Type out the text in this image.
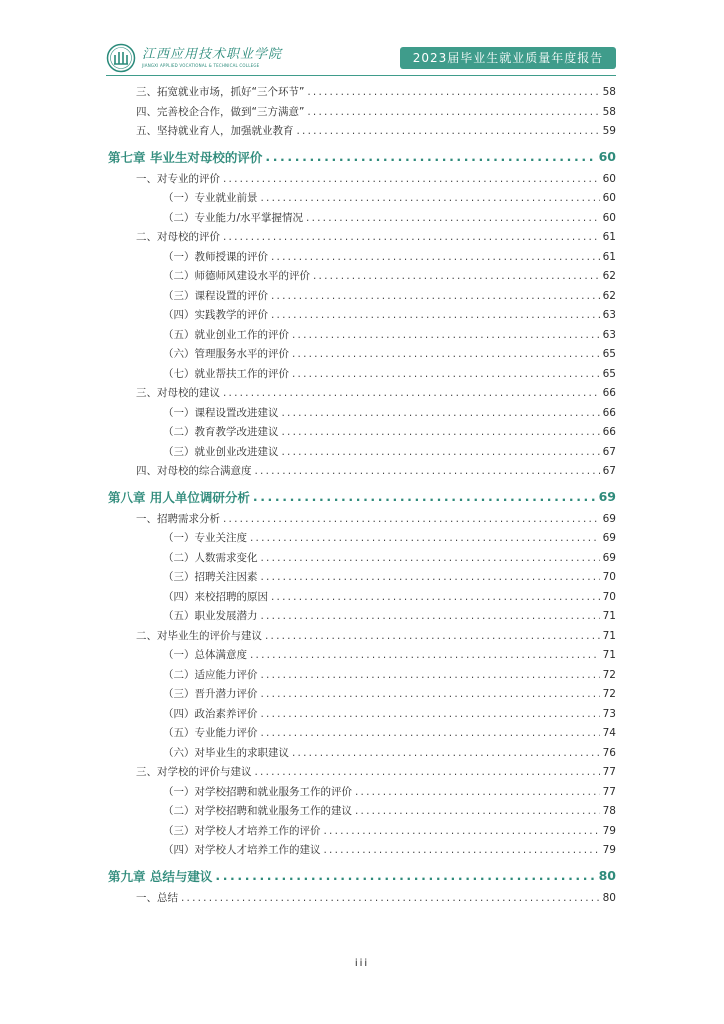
江西应用技术职业学院
JIANGXI APPLIED VOCATIONAL & TECHNICAL COLLEGE
2023届毕业生就业质量年度报告
三、拓宽就业市场，抓好“三个环节” .....	58
四、完善校企合作，做到“三方满意” .....	58
五、坚持就业育人，加强就业教育 .....	59
第七章 毕业生对母校的评价 .....	60
一、对专业的评价 .....	60
（一）专业就业前景 .....	60
（二）专业能力/水平掌握情况 .....	60
二、对母校的评价 .....	61
（一）教师授课的评价 .....	61
（二）师德师风建设水平的评价 .....	62
（三）课程设置的评价 .....	62
（四）实践教学的评价 .....	63
（五）就业创业工作的评价 .....	63
（六）管理服务水平的评价 .....	65
（七）就业帮扶工作的评价 .....	65
三、对母校的建议 .....	66
（一）课程设置改进建议 .....	66
（二）教育教学改进建议 .....	66
（三）就业创业改进建议 .....	67
四、对母校的综合满意度 .....	67
第八章 用人单位调研分析 .....	69
一、招聘需求分析 .....	69
（一）专业关注度 .....	69
（二）人数需求变化 .....	69
（三）招聘关注因素 .....	70
（四）来校招聘的原因 .....	70
（五）职业发展潜力 .....	71
二、对毕业生的评价与建议 .....	71
（一）总体满意度 .....	71
（二）适应能力评价 .....	72
（三）晋升潜力评价 .....	72
（四）政治素养评价 .....	73
（五）专业能力评价 .....	74
（六）对毕业生的求职建议 .....	76
三、对学校的评价与建议 .....	77
（一）对学校招聘和就业服务工作的评价 .....	77
（二）对学校招聘和就业服务工作的建议 .....	78
（三）对学校人才培养工作的评价 .....	79
（四）对学校人才培养工作的建议 .....	79
第九章 总结与建议 .....	80
一、总结 .....	80
iii
